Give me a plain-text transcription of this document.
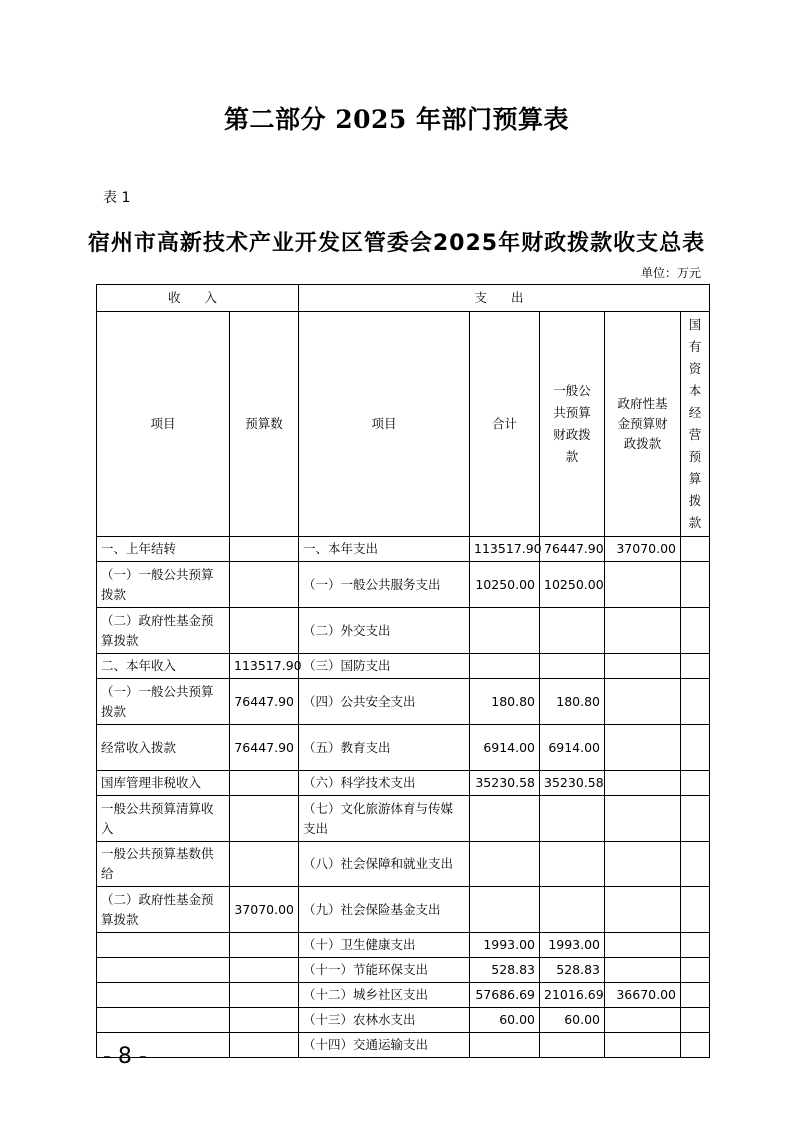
第二部分 2025 年部门预算表
表 1
宿州市高新技术产业开发区管委会2025年财政拨款收支总表
单位：万元
收 入		支 出				
项目	预算数	项目	合计	一般公共预算财政拨款	政府性基金预算财政拨款	国有资本经营预算拨款

一、上年结转		一、本年支出	113517.90	76447.90	37070.00	
（一）一般公共预算拨款		（一）一般公共服务支出	10250.00	10250.00		
（二）政府性基金预算拨款		（二）外交支出				
二、本年收入	113517.90	（三）国防支出				
（一）一般公共预算拨款	76447.90	（四）公共安全支出	180.80	180.80		
经常收入拨款	76447.90	（五）教育支出	6914.00	6914.00		
国库管理非税收入		（六）科学技术支出	35230.58	35230.58		
一般公共预算清算收入		（七）文化旅游体育与传媒支出				
一般公共预算基数供给		（八）社会保障和就业支出				
（二）政府性基金预算拨款	37070.00	（九）社会保险基金支出				
		（十）卫生健康支出	1993.00	1993.00		
		（十一）节能环保支出	528.83	528.83		
		（十二）城乡社区支出	57686.69	21016.69	36670.00	
		（十三）农林水支出	60.00	60.00		
		（十四）交通运输支出				
- 8 -
